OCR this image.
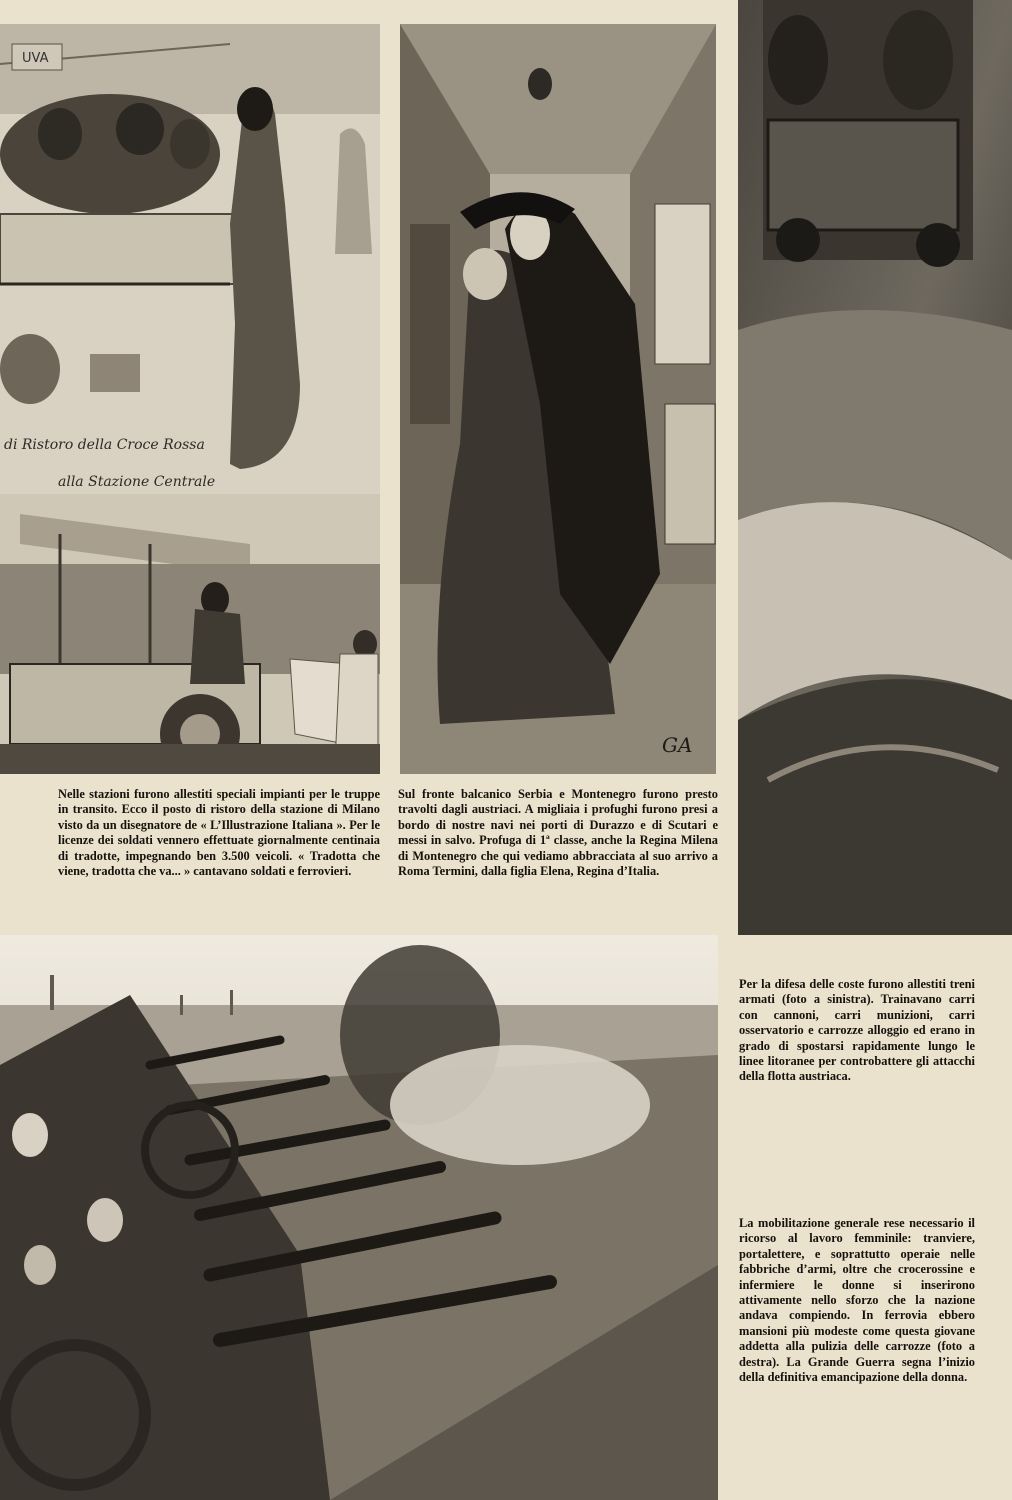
UVA
di Ristoro della Croce Rossa
alla Stazione Centrale
GA

Nelle stazioni furono allestiti speciali impianti per le truppe in transito. Ecco il posto di ristoro della stazione di Milano visto da un disegnatore de « L’Illustrazione Italiana ». Per le licenze dei soldati vennero effettuate giornalmente centinaia di tradotte, impegnando ben 3.500 veicoli. « Tradotta che viene, tradotta che va... » cantavano soldati e ferrovieri.

Sul fronte balcanico Serbia e Montenegro furono presto travolti dagli austriaci. A migliaia i profughi furono presi a bordo di nostre navi nei porti di Durazzo e di Scutari e messi in salvo. Profuga di 1ª classe, anche la Regina Milena di Montenegro che qui vediamo abbracciata al suo arrivo a Roma Termini, dalla figlia Elena, Regina d’Italia.

Per la difesa delle coste furono allestiti treni armati (foto a sinistra). Trainavano carri con cannoni, carri munizioni, carri osservatorio e carrozze alloggio ed erano in grado di spostarsi rapidamente lungo le linee litoranee per controbattere gli attacchi della flotta austriaca.

La mobilitazione generale rese necessario il ricorso al lavoro femminile: tranviere, portalettere, e soprattutto operaie nelle fabbriche d’armi, oltre che crocerossine e infermiere le donne si inserirono attivamente nello sforzo che la nazione andava compiendo. In ferrovia ebbero mansioni più modeste come questa giovane addetta alla pulizia delle carrozze (foto a destra). La Grande Guerra segna l’inizio della definitiva emancipazione della donna.
